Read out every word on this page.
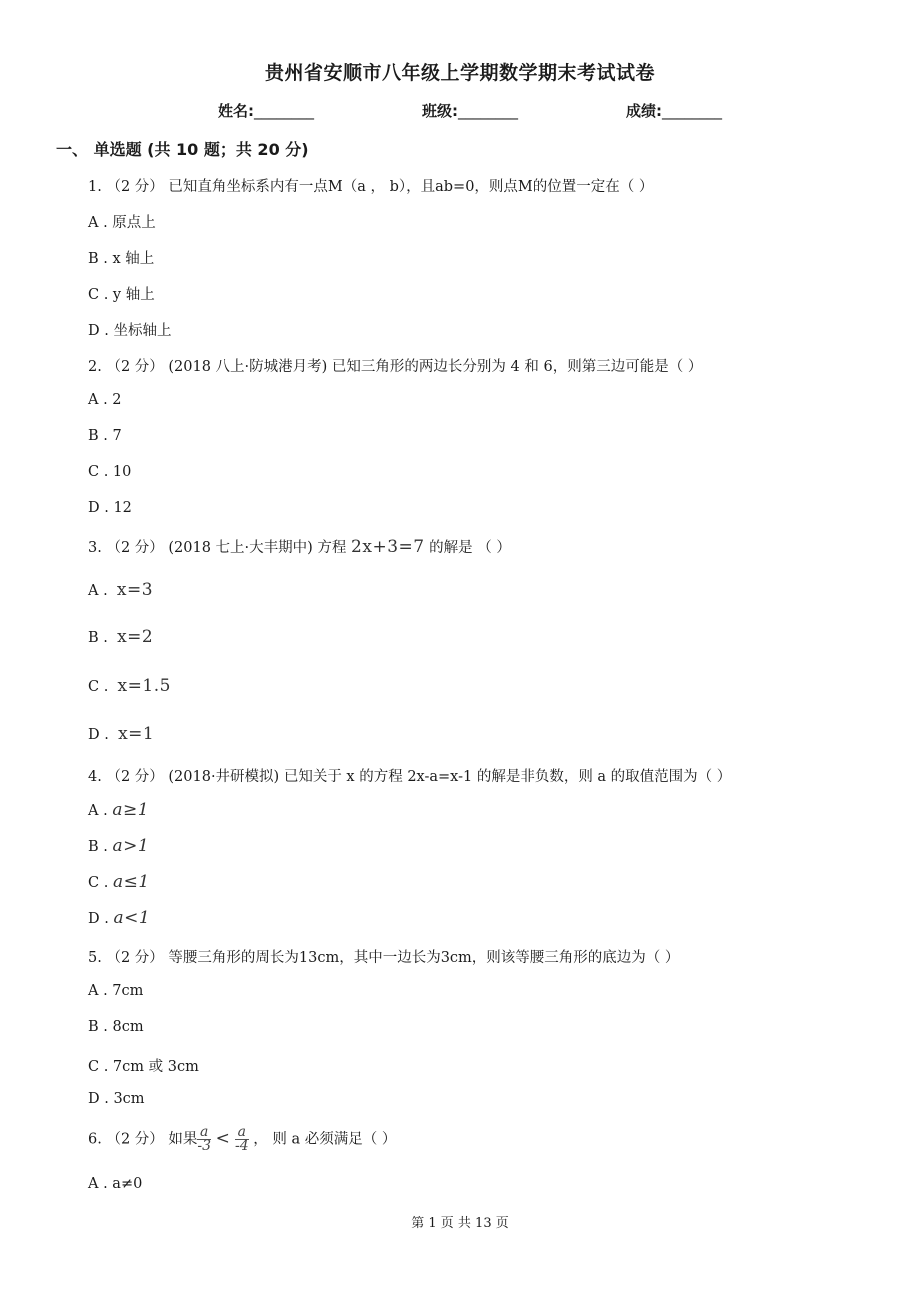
贵州省安顺市八年级上学期数学期末考试试卷
姓名:________	班级:________	成绩:________
一、 单选题 (共 10 题；共 20 分)
1. （2 分） 已知直角坐标系内有一点M（a ， b），且ab=0，则点M的位置一定在（ ）
A . 原点上
B . x 轴上
C . y 轴上
D . 坐标轴上
2. （2 分） (2018 八上·防城港月考) 已知三角形的两边长分别为 4 和 6，则第三边可能是（ ）
A . 2
B . 7
C . 10
D . 12
3. （2 分） (2018 七上·大丰期中) 方程 2x+3=7 的解是 （ ）
A . x=3
B . x=2
C . x=1.5
D . x=1
4. （2 分） (2018·井研模拟) 已知关于 x 的方程 2x-a=x-1 的解是非负数，则 a 的取值范围为（ ）
A . a≥1
B . a>1
C . a≤1
D . a<1
5. （2 分） 等腰三角形的周长为13cm，其中一边长为3cm，则该等腰三角形的底边为（ ）
A . 7cm
B . 8cm
C . 7cm 或 3cm
D . 3cm
6. （2 分） 如果 $\frac{a}{-3} < \frac{a}{-4}$ ， 则 a 必须满足（ ）
A . a≠0
第 1 页 共 13 页
